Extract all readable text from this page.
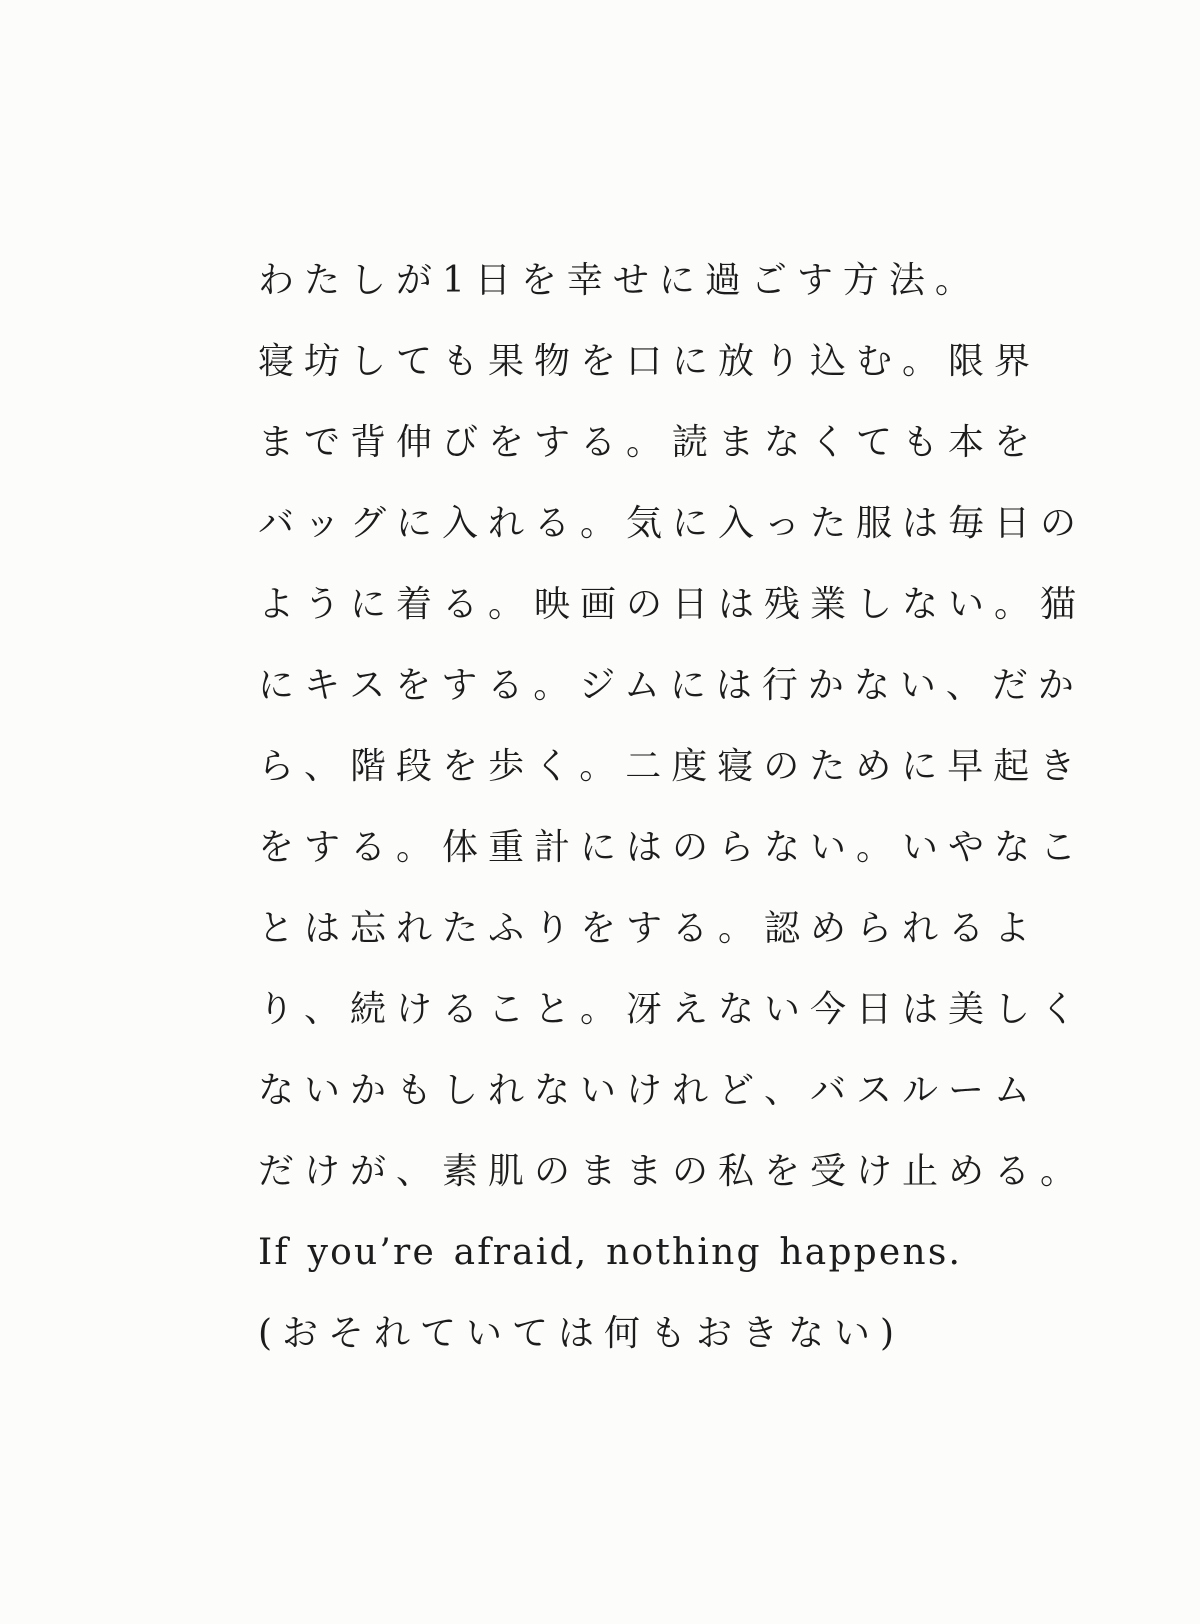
わたしが1日を幸せに過ごす方法。
寝坊しても果物を口に放り込む。限界
まで背伸びをする。読まなくても本を
バッグに入れる。気に入った服は毎日の
ように着る。映画の日は残業しない。猫
にキスをする。ジムには行かない、だか
ら、階段を歩く。二度寝のために早起き
をする。体重計にはのらない。いやなこ
とは忘れたふりをする。認められるよ
り、続けること。冴えない今日は美しく
ないかもしれないけれど、バスルーム
だけが、素肌のままの私を受け止める。
If you’re afraid, nothing happens.
(おそれていては何もおきない)
